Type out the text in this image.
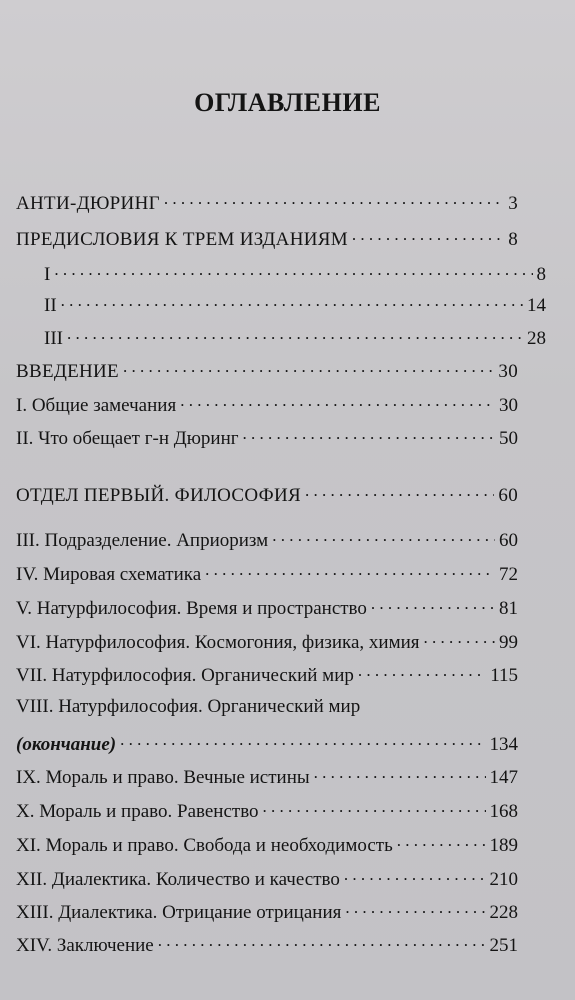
ОГЛАВЛЕНИЕ
АНТИ-ДЮРИНГ . . .	3
ПРЕДИСЛОВИЯ К ТРЕМ ИЗДАНИЯМ . . .	8
I . . .	8
II . . .	14
III . . .	28
ВВЕДЕНИЕ . . .	30
I. Общие замечания . . .	30
II. Что обещает г-н Дюринг . . .	50
ОТДЕЛ ПЕРВЫЙ. ФИЛОСОФИЯ . . .	60
III. Подразделение. Априоризм . . .	60
IV. Мировая схематика . . .	72
V. Натурфилософия. Время и пространство . . .	81
VI. Натурфилософия. Космогония, физика, химия . . .	99
VII. Натурфилософия. Органический мир . . .	115
VIII. Натурфилософия. Органический мир
(окончание) . . .	134
IX. Мораль и право. Вечные истины . . .	147
X. Мораль и право. Равенство . . .	168
XI. Мораль и право. Свобода и необходимость . . .	189
XII. Диалектика. Количество и качество . . .	210
XIII. Диалектика. Отрицание отрицания . . .	228
XIV. Заключение . . .	251
